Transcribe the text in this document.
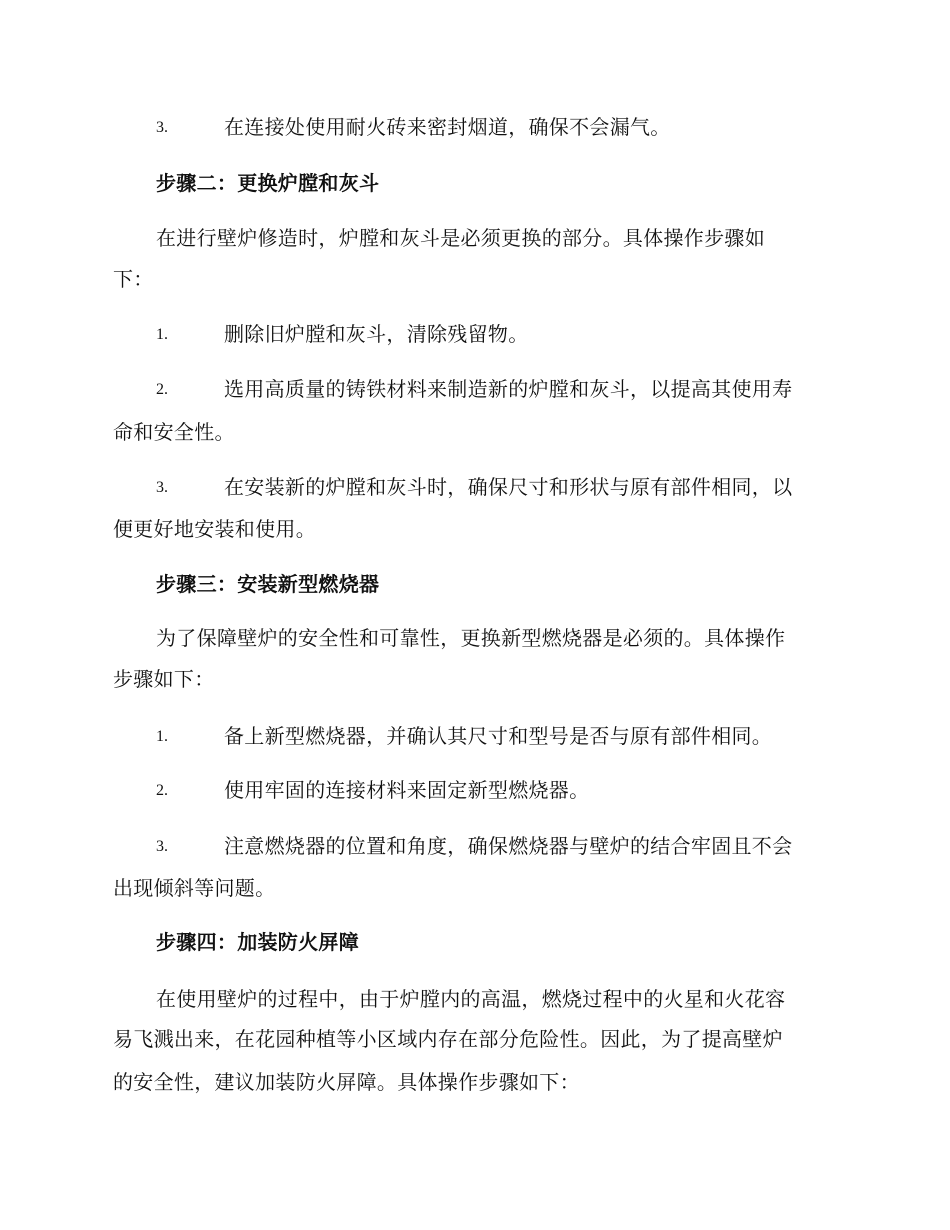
3.	在连接处使用耐火砖来密封烟道，确保不会漏气。
步骤二：更换炉膛和灰斗
在进行壁炉修造时，炉膛和灰斗是必须更换的部分。具体操作步骤如
下：
1.	删除旧炉膛和灰斗，清除残留物。
2.	选用高质量的铸铁材料来制造新的炉膛和灰斗，以提高其使用寿
命和安全性。
3.	在安装新的炉膛和灰斗时，确保尺寸和形状与原有部件相同，以
便更好地安装和使用。
步骤三：安装新型燃烧器
为了保障壁炉的安全性和可靠性，更换新型燃烧器是必须的。具体操作
步骤如下：
1.	备上新型燃烧器，并确认其尺寸和型号是否与原有部件相同。
2.	使用牢固的连接材料来固定新型燃烧器。
3.	注意燃烧器的位置和角度，确保燃烧器与壁炉的结合牢固且不会
出现倾斜等问题。
步骤四：加装防火屏障
在使用壁炉的过程中，由于炉膛内的高温，燃烧过程中的火星和火花容
易飞溅出来，在花园种植等小区域内存在部分危险性。因此，为了提高壁炉
的安全性，建议加装防火屏障。具体操作步骤如下：
